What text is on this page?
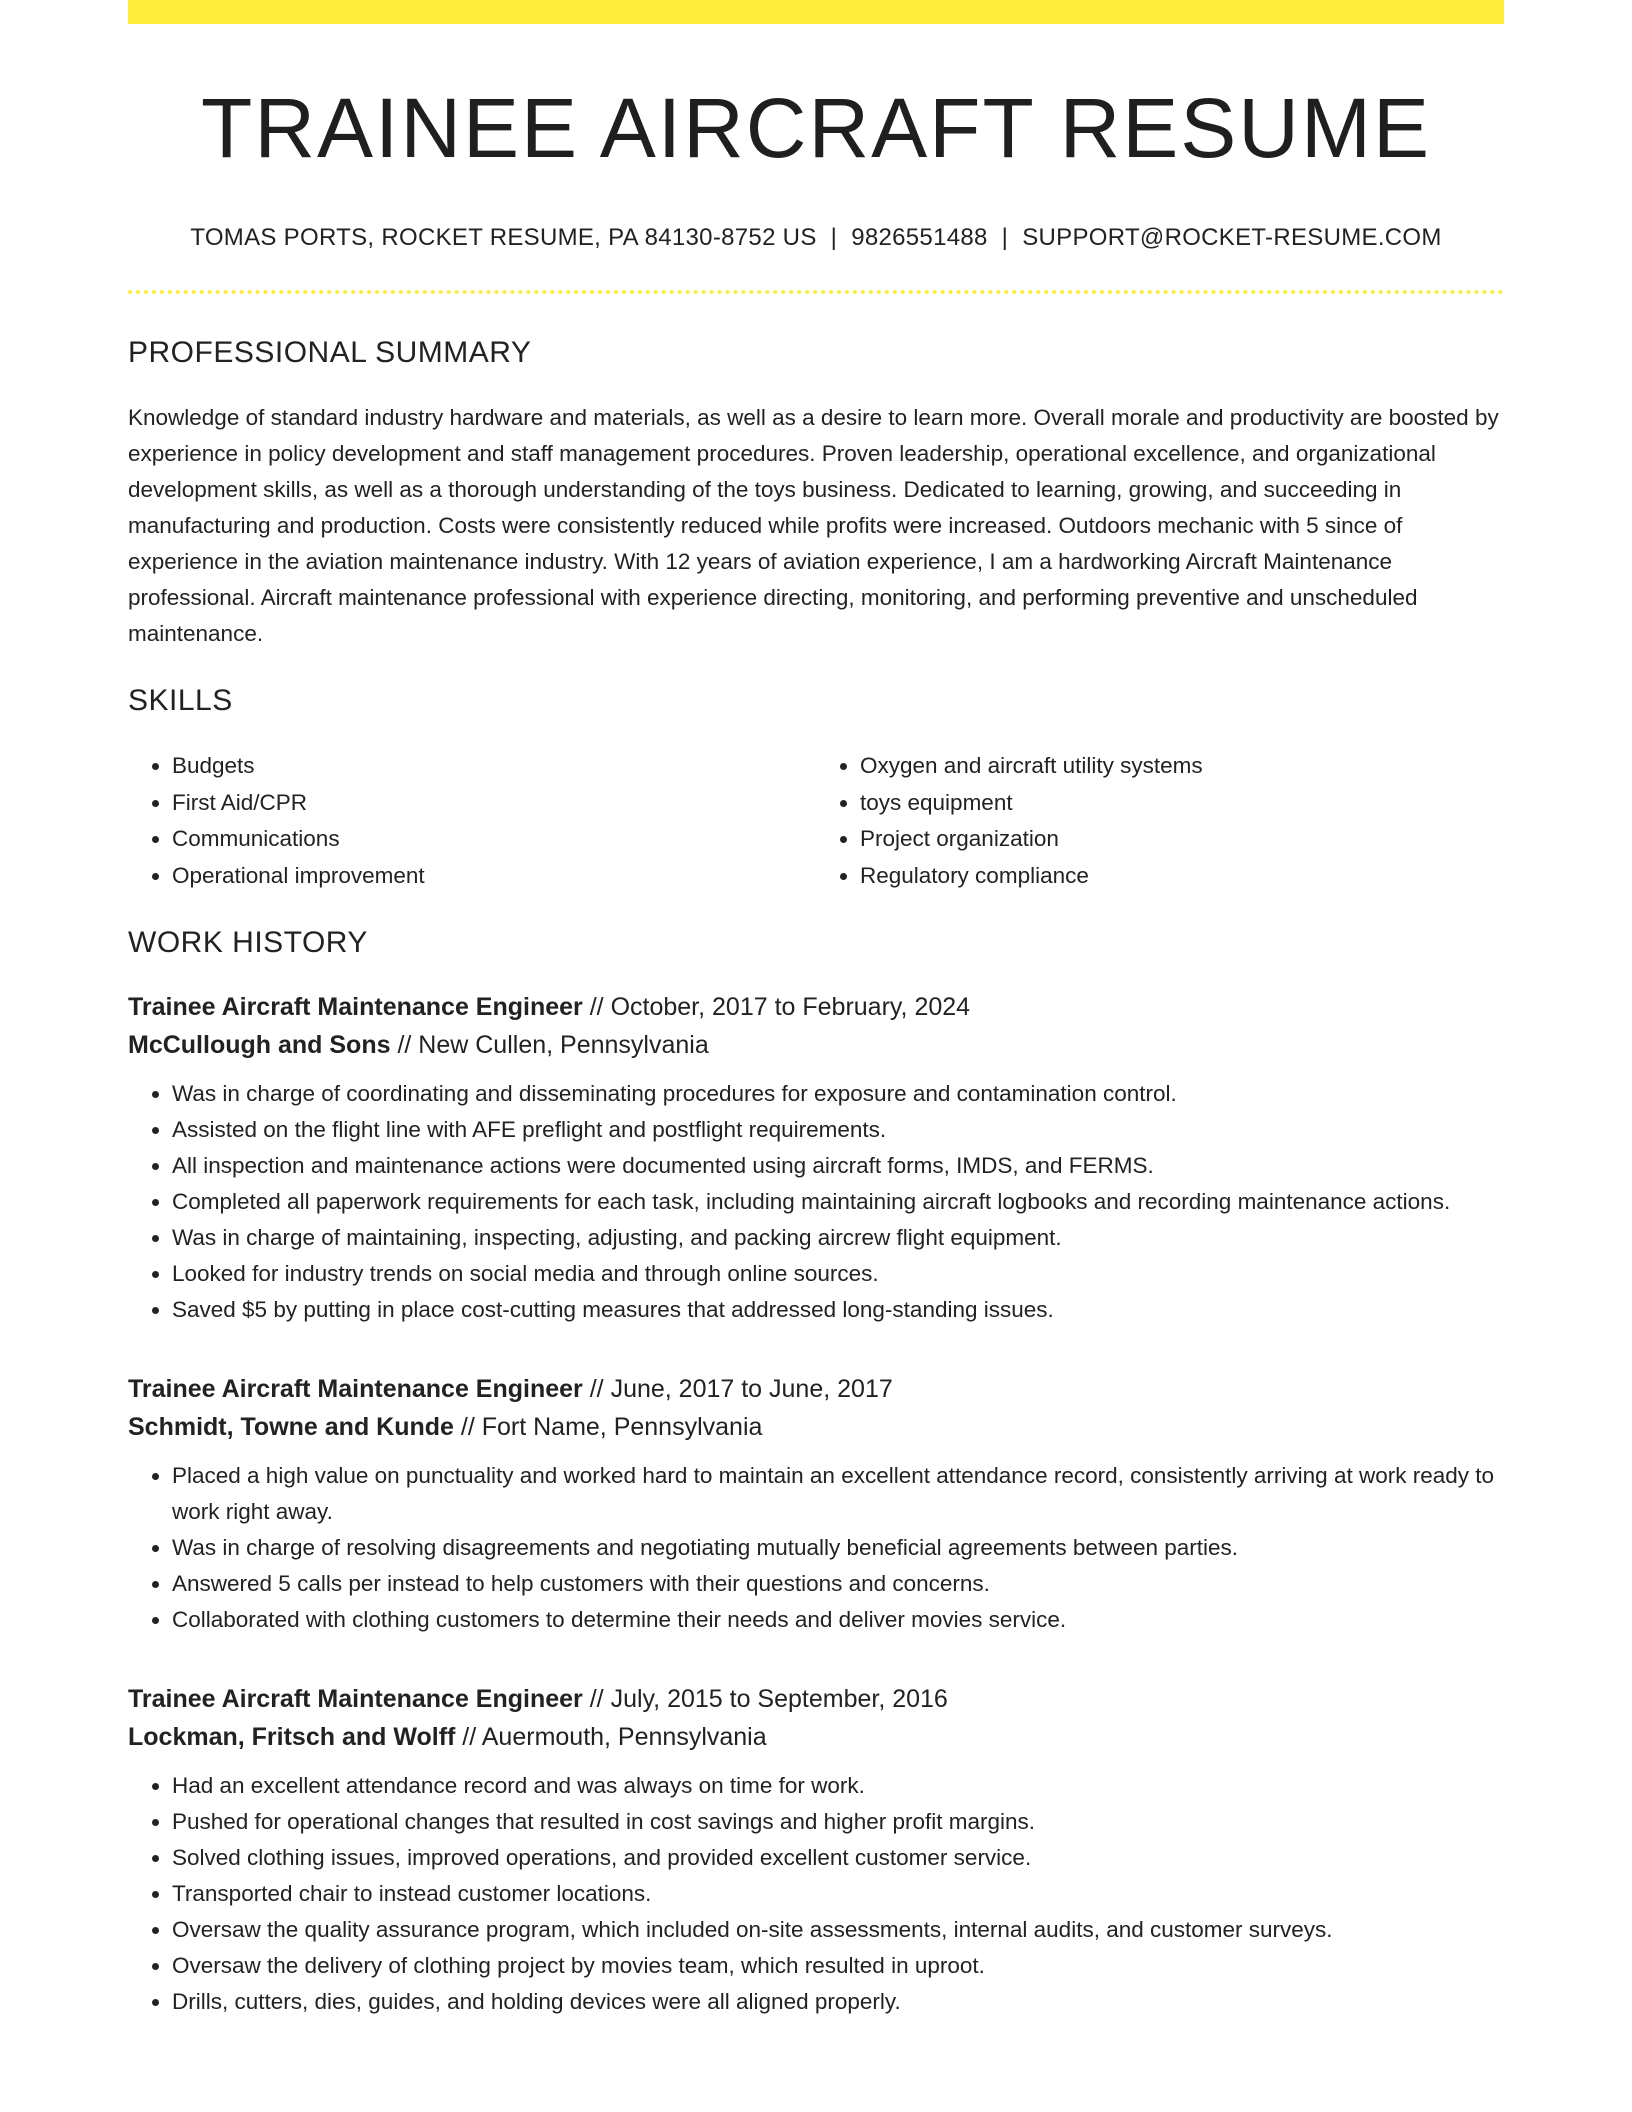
TRAINEE AIRCRAFT RESUME
TOMAS PORTS, ROCKET RESUME, PA 84130-8752 US | 9826551488 | SUPPORT@ROCKET-RESUME.COM
PROFESSIONAL SUMMARY

Knowledge of standard industry hardware and materials, as well as a desire to learn more. Overall morale and productivity are boosted by experience in policy development and staff management procedures. Proven leadership, operational excellence, and organizational development skills, as well as a thorough understanding of the toys business. Dedicated to learning, growing, and succeeding in manufacturing and production. Costs were consistently reduced while profits were increased. Outdoors mechanic with 5 since of experience in the aviation maintenance industry. With 12 years of aviation experience, I am a hardworking Aircraft Maintenance professional. Aircraft maintenance professional with experience directing, monitoring, and performing preventive and unscheduled maintenance.

SKILLS
• Budgets
• First Aid/CPR
• Communications
• Operational improvement
• Oxygen and aircraft utility systems
• toys equipment
• Project organization
• Regulatory compliance
WORK HISTORY
Trainee Aircraft Maintenance Engineer // October, 2017 to February, 2024
McCullough and Sons // New Cullen, Pennsylvania
• Was in charge of coordinating and disseminating procedures for exposure and contamination control.
• Assisted on the flight line with AFE preflight and postflight requirements.
• All inspection and maintenance actions were documented using aircraft forms, IMDS, and FERMS.
• Completed all paperwork requirements for each task, including maintaining aircraft logbooks and recording maintenance actions.
• Was in charge of maintaining, inspecting, adjusting, and packing aircrew flight equipment.
• Looked for industry trends on social media and through online sources.
• Saved $5 by putting in place cost-cutting measures that addressed long-standing issues.
Trainee Aircraft Maintenance Engineer // June, 2017 to June, 2017
Schmidt, Towne and Kunde // Fort Name, Pennsylvania
• Placed a high value on punctuality and worked hard to maintain an excellent attendance record, consistently arriving at work ready to work right away.
• Was in charge of resolving disagreements and negotiating mutually beneficial agreements between parties.
• Answered 5 calls per instead to help customers with their questions and concerns.
• Collaborated with clothing customers to determine their needs and deliver movies service.
Trainee Aircraft Maintenance Engineer // July, 2015 to September, 2016
Lockman, Fritsch and Wolff // Auermouth, Pennsylvania
• Had an excellent attendance record and was always on time for work.
• Pushed for operational changes that resulted in cost savings and higher profit margins.
• Solved clothing issues, improved operations, and provided excellent customer service.
• Transported chair to instead customer locations.
• Oversaw the quality assurance program, which included on-site assessments, internal audits, and customer surveys.
• Oversaw the delivery of clothing project by movies team, which resulted in uproot.
• Drills, cutters, dies, guides, and holding devices were all aligned properly.
